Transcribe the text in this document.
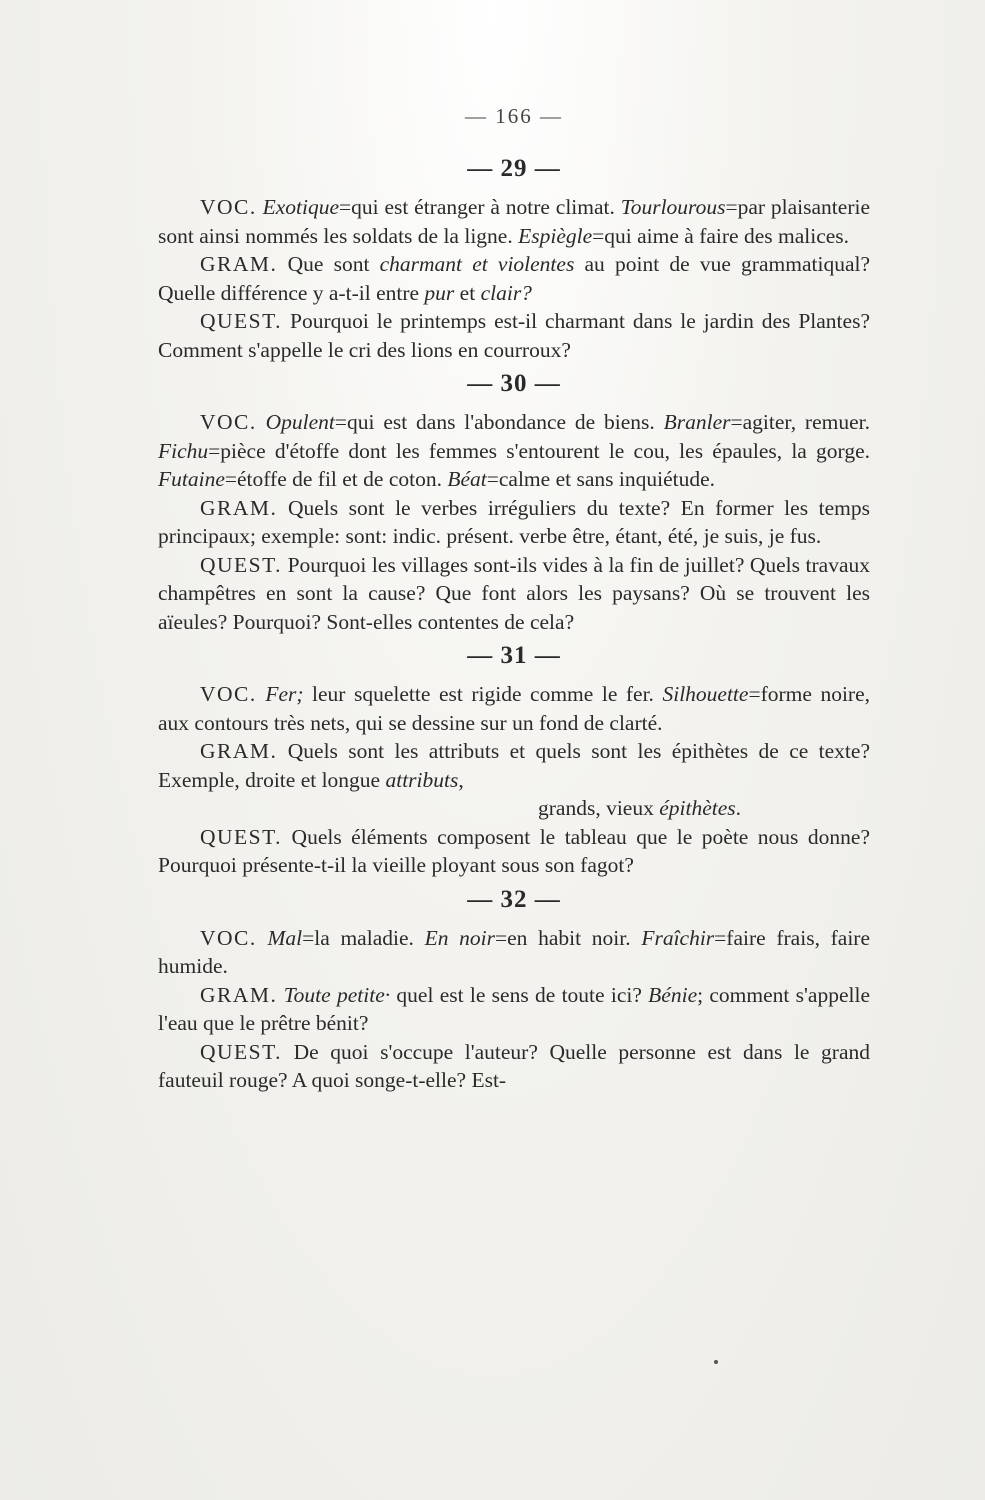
— 166 —
— 29 —

VOC. Exotique=qui est étranger à notre climat. Tourlourous=par plaisanterie sont ainsi nommés les soldats de la ligne. Espiègle=qui aime à faire des malices.

GRAM. Que sont charmant et violentes au point de vue grammatiqual? Quelle différence y a-t-il entre pur et clair?

QUEST. Pourquoi le printemps est-il charmant dans le jardin des Plantes? Comment s'appelle le cri des lions en courroux?

— 30 —

VOC. Opulent=qui est dans l'abondance de biens. Branler=agiter, remuer. Fichu=pièce d'étoffe dont les femmes s'entourent le cou, les épaules, la gorge. Futaine=étoffe de fil et de coton. Béat=calme et sans inquiétude.

GRAM. Quels sont le verbes irréguliers du texte? En former les temps principaux; exemple: sont: indic. présent. verbe être, étant, été, je suis, je fus.

QUEST. Pourquoi les villages sont-ils vides à la fin de juillet? Quels travaux champêtres en sont la cause? Que font alors les paysans? Où se trouvent les aïeules? Pourquoi? Sont-elles contentes de cela?

— 31 —

VOC. Fer; leur squelette est rigide comme le fer. Silhouette=forme noire, aux contours très nets, qui se dessine sur un fond de clarté.

GRAM. Quels sont les attributs et quels sont les épithètes de ce texte? Exemple, droite et longue attributs,

grands, vieux épithètes.

QUEST. Quels éléments composent le tableau que le poète nous donne? Pourquoi présente-t-il la vieille ployant sous son fagot?

— 32 —

VOC. Mal=la maladie. En noir=en habit noir. Fraîchir=faire frais, faire humide.

GRAM. Toute petite· quel est le sens de toute ici? Bénie; comment s'appelle l'eau que le prêtre bénit?

QUEST. De quoi s'occupe l'auteur? Quelle personne est dans le grand fauteuil rouge? A quoi songe-t-elle? Est-
